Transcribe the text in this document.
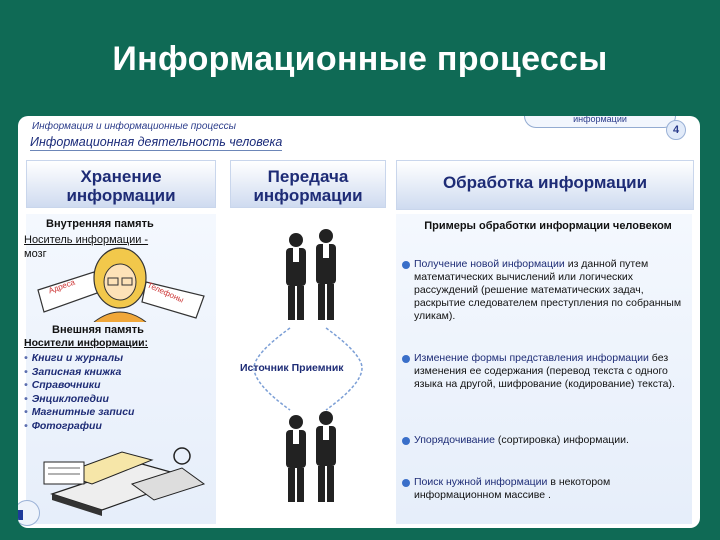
Информационные процессы
информации
4
Информация и информационные процессы
Информационная деятельность человека
Хранение информации
Передача информации
Обработка информации
Внутренняя память
Носитель информации -
мозг
Адреса	Телефоны
Внешняя память
Носители информации:
• Книги и журналы
• Записная книжка
• Справочники
• Энциклопедии
• Магнитные записи
• Фотографии
Источник Приемник
Примеры обработки информации человеком
Получение новой информации из данной путем математических вычислений или логических рассуждений (решение математических задач, раскрытие следователем преступления по собранным уликам).
Изменение формы представления информации без изменения ее содержания (перевод текста с одного языка на другой, шифрование (кодирование) текста).
Упорядочивание (сортировка) информации.
Поиск нужной информации в некотором информационном массиве .
